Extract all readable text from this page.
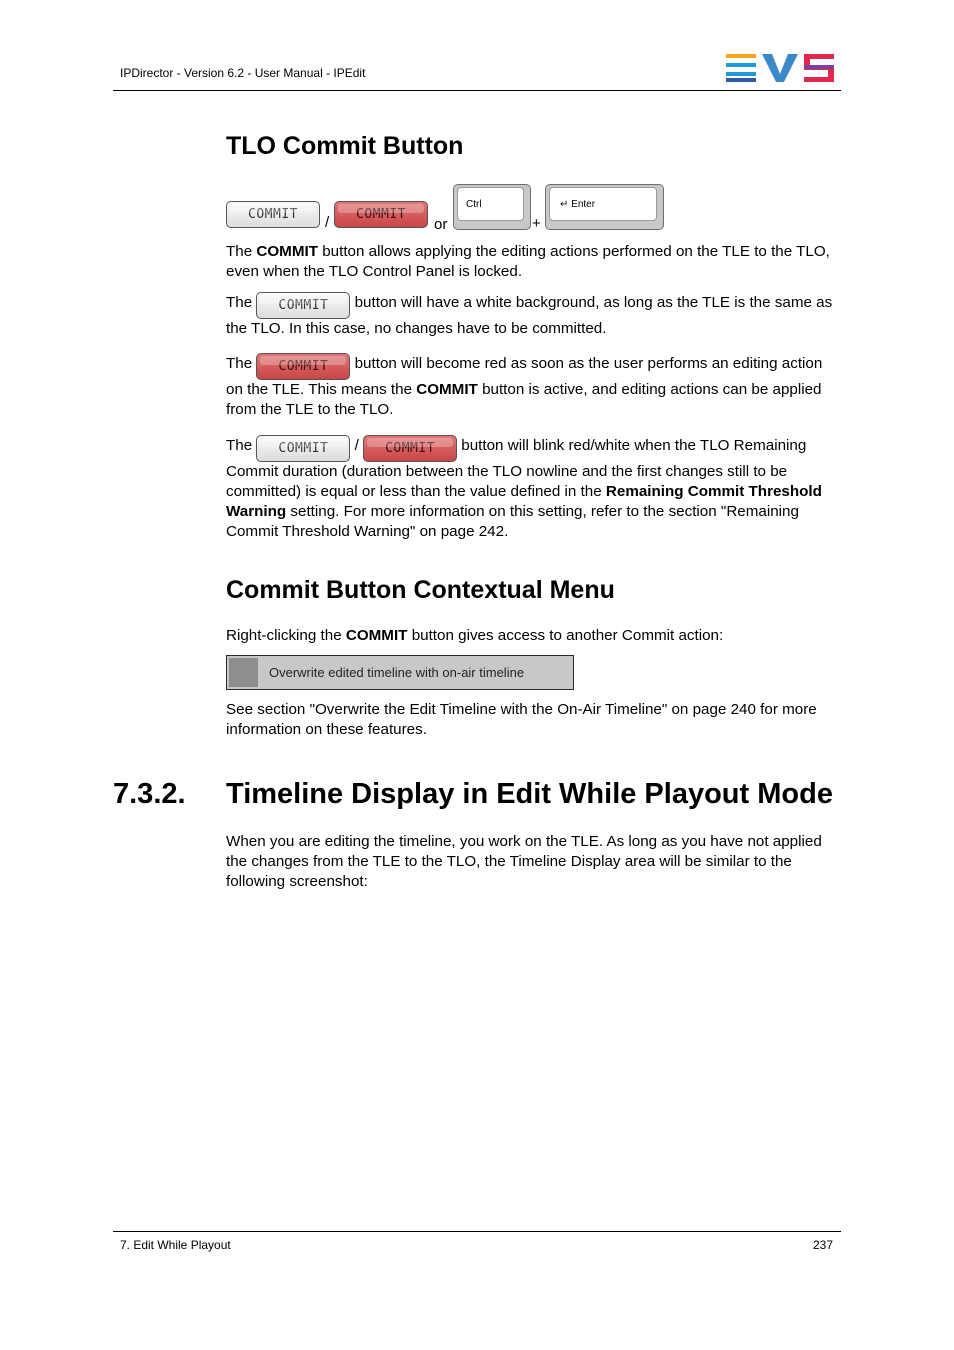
IPDirector - Version 6.2 - User Manual - IPEdit
TLO Commit Button
COMMIT	/	COMMIT
or
Ctrl
+
↵ Enter

The COMMIT button allows applying the editing actions performed on the TLE to the TLO, even when the TLO Control Panel is locked.

The COMMIT button will have a white background, as long as the TLE is the same as the TLO. In this case, no changes have to be committed.

The COMMIT button will become red as soon as the user performs an editing action on the TLE. This means the COMMIT button is active, and editing actions can be applied from the TLE to the TLO.

The COMMIT / COMMIT button will blink red/white when the TLO Remaining Commit duration (duration between the TLO nowline and the first changes still to be committed) is equal or less than the value defined in the Remaining Commit Threshold Warning setting. For more information on this setting, refer to the section "Remaining Commit Threshold Warning" on page 242.

Commit Button Contextual Menu

Right-clicking the COMMIT button gives access to another Commit action:

Overwrite edited timeline with on-air timeline

See section "Overwrite the Edit Timeline with the On-Air Timeline" on page 240 for more information on these features.

7.3.2. Timeline Display in Edit While Playout Mode

When you are editing the timeline, you work on the TLE. As long as you have not applied the changes from the TLE to the TLO, the Timeline Display area will be similar to the following screenshot:

7. Edit While Playout	237
